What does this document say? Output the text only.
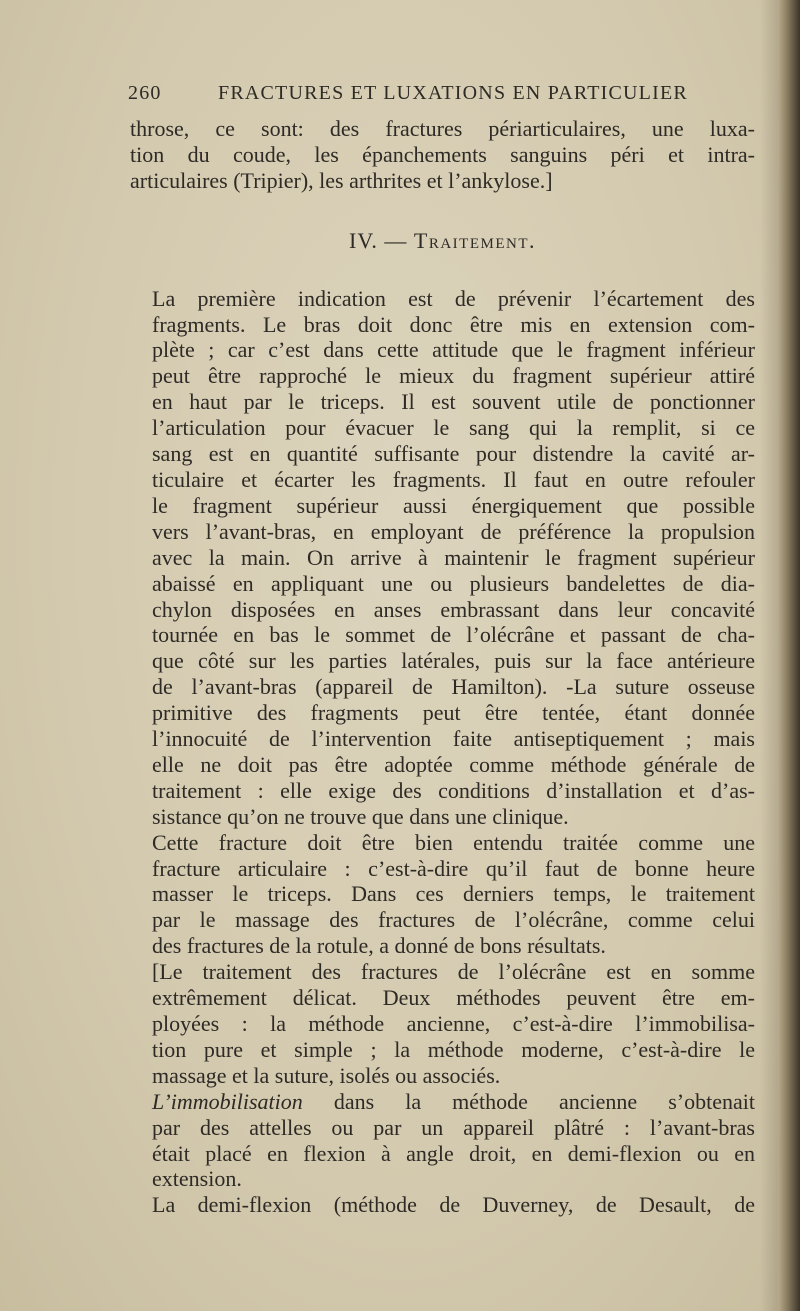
260	FRACTURES ET LUXATIONS EN PARTICULIER

throse, ce sont: des fractures périarticulaires, une luxa-
tion du coude, les épanchements sanguins péri et intra-
articulaires (Tripier), les arthrites et l’ankylose.]

IV. — Traitement.

La première indication est de prévenir l’écartement des
fragments. Le bras doit donc être mis en extension com-
plète ; car c’est dans cette attitude que le fragment inférieur
peut être rapproché le mieux du fragment supérieur attiré
en haut par le triceps. Il est souvent utile de ponctionner
l’articulation pour évacuer le sang qui la remplit, si ce
sang est en quantité suffisante pour distendre la cavité ar-
ticulaire et écarter les fragments. Il faut en outre refouler
le fragment supérieur aussi énergiquement que possible
vers l’avant-bras, en employant de préférence la propulsion
avec la main. On arrive à maintenir le fragment supérieur
abaissé en appliquant une ou plusieurs bandelettes de dia-
chylon disposées en anses embrassant dans leur concavité
tournée en bas le sommet de l’olécrâne et passant de cha-
que côté sur les parties latérales, puis sur la face antérieure
de l’avant-bras (appareil de Hamilton). -La suture osseuse
primitive des fragments peut être tentée, étant donnée
l’innocuité de l’intervention faite antiseptiquement ; mais
elle ne doit pas être adoptée comme méthode générale de
traitement : elle exige des conditions d’installation et d’as-
sistance qu’on ne trouve que dans une clinique.

Cette fracture doit être bien entendu traitée comme une
fracture articulaire : c’est-à-dire qu’il faut de bonne heure
masser le triceps. Dans ces derniers temps, le traitement
par le massage des fractures de l’olécrâne, comme celui
des fractures de la rotule, a donné de bons résultats.

[Le traitement des fractures de l’olécrâne est en somme
extrêmement délicat. Deux méthodes peuvent être em-
ployées : la méthode ancienne, c’est-à-dire l’immobilisa-
tion pure et simple ; la méthode moderne, c’est-à-dire le
massage et la suture, isolés ou associés.

L’immobilisation dans la méthode ancienne s’obtenait
par des attelles ou par un appareil plâtré : l’avant-bras
était placé en flexion à angle droit, en demi-flexion ou en
extension.

La demi-flexion (méthode de Duverney, de Desault, de
